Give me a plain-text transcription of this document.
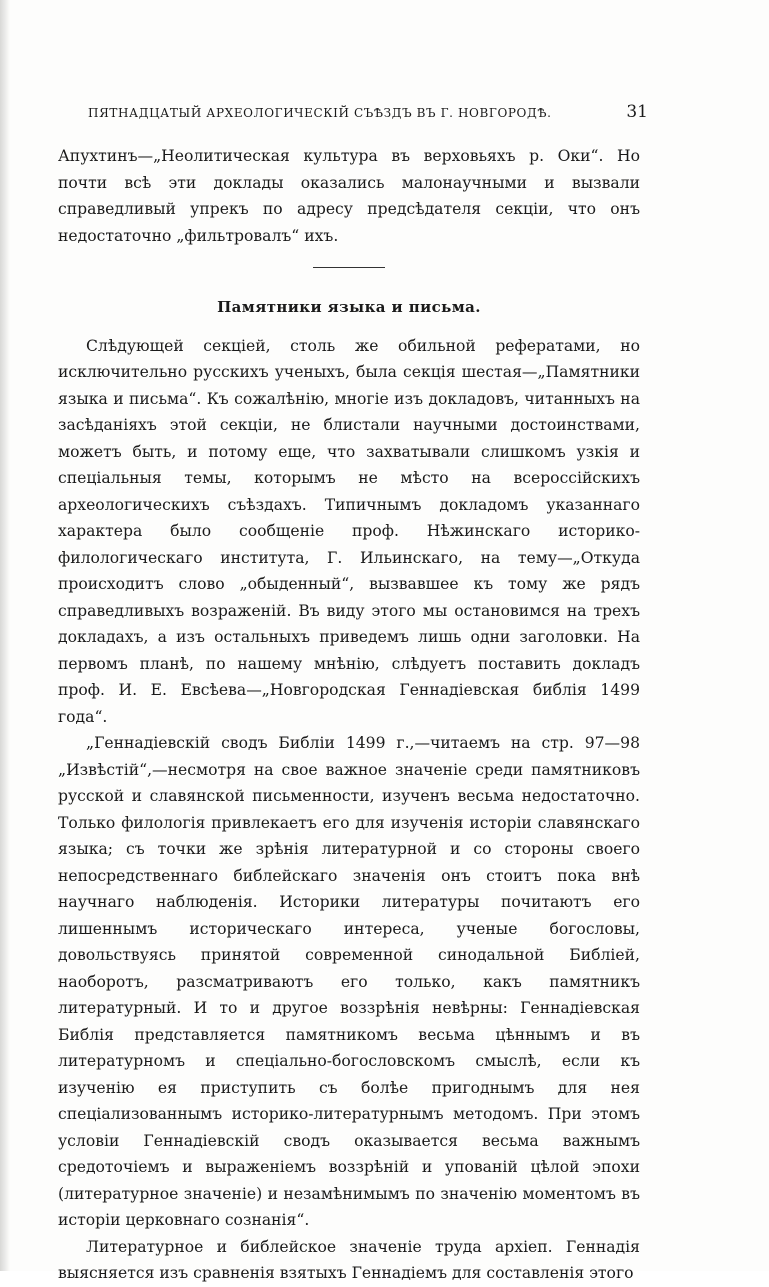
ПЯТНАДЦАТЫЙ АРХЕОЛОГИЧЕСКІЙ СЪѢЗДЪ ВЪ Г. НОВГОРОДѢ.	31

Апухтинъ—„Неолитическая культура въ верховьяхъ р. Оки“. Но почти всѣ эти доклады оказались малонаучными и вызвали справедливый упрекъ по адресу предсѣдателя секціи, что онъ недостаточно „фильтровалъ“ ихъ.

Памятники языка и письма.

Слѣдующей секціей, столь же обильной рефератами, но исключительно русскихъ ученыхъ, была секція шестая—„Памятники языка и письма“. Къ сожалѣнію, многіе изъ докладовъ, читанныхъ на засѣданіяхъ этой секціи, не блистали научными достоинствами, можетъ быть, и потому еще, что захватывали слишкомъ узкія и спеціальныя темы, которымъ не мѣсто на всероссійскихъ археологическихъ съѣздахъ. Типичнымъ докладомъ указаннаго характера было сообщеніе проф. Нѣжинскаго историко-филологическаго института, Г. Ильинскаго, на тему—„Откуда происходитъ слово „обыденный“, вызвавшее къ тому же рядъ справедливыхъ возраженій. Въ виду этого мы остановимся на трехъ докладахъ, а изъ остальныхъ приведемъ лишь одни заголовки. На первомъ планѣ, по нашему мнѣнію, слѣдуетъ поставить докладъ проф. И. Е. Евсѣева—„Новгородская Геннадіевская библія 1499 года“.

„Геннадіевскій сводъ Библіи 1499 г.,—читаемъ на стр. 97—98 „Извѣстій“,—несмотря на свое важное значеніе среди памятниковъ русской и славянской письменности, изученъ весьма недостаточно. Только филологія привлекаетъ его для изученія исторіи славянскаго языка; съ точки же зрѣнія литературной и со стороны своего непосредственнаго библейскаго значенія онъ стоитъ пока внѣ научнаго наблюденія. Историки литературы почитаютъ его лишеннымъ историческаго интереса, ученые богословы, довольствуясь принятой современной синодальной Библіей, наоборотъ, разсматриваютъ его только, какъ памятникъ литературный. И то и другое воззрѣнія невѣрны: Геннадіевская Библія представляется памятникомъ весьма цѣннымъ и въ литературномъ и спеціально-богословскомъ смыслѣ, если къ изученію ея приступить съ болѣе пригоднымъ для нея спеціализованнымъ историко-литературнымъ методомъ. При этомъ условіи Геннадіевскій сводъ оказывается весьма важнымъ средоточіемъ и выраженіемъ воззрѣній и упованій цѣлой эпохи (литературное значеніе) и незамѣнимымъ по значенію моментомъ въ исторіи церковнаго сознанія“.

Литературное и библейское значеніе труда архіеп. Геннадія выясняется изъ сравненія взятыхъ Геннадіемъ для составленія этого
